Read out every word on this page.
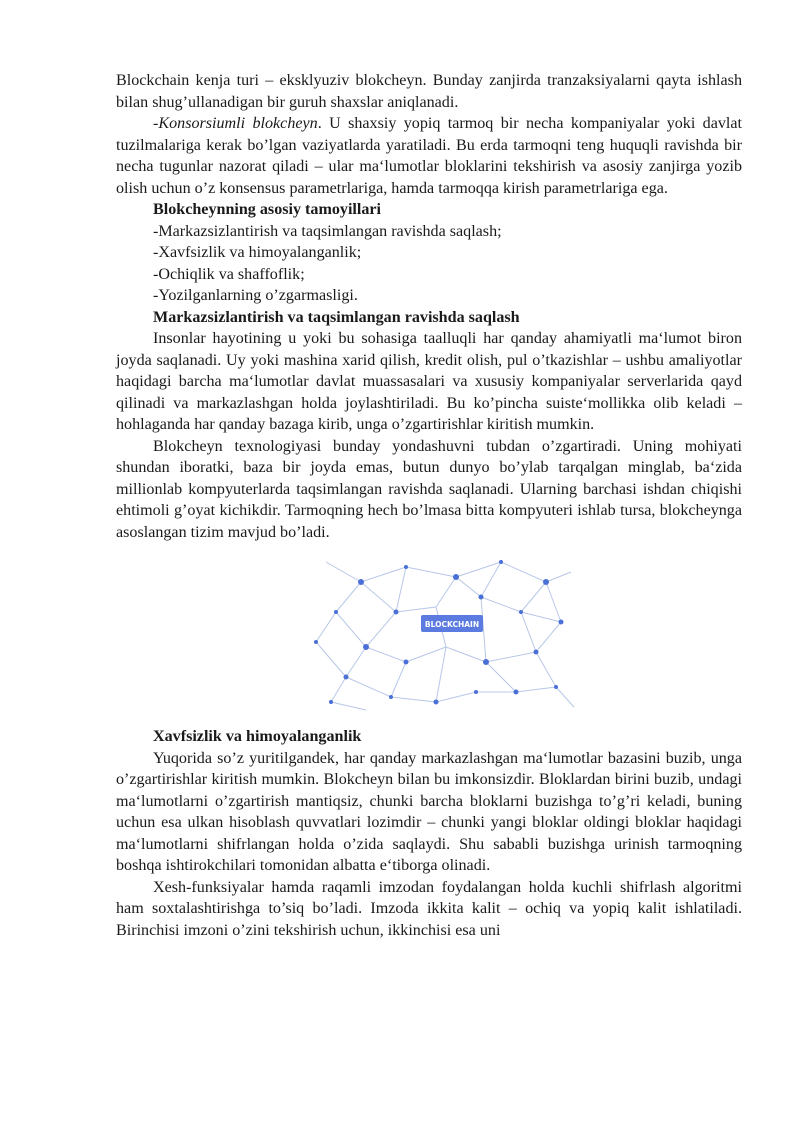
Blockchain kenja turi – eksklyuziv blokcheyn. Bunday zanjirda tranzaksiyalarni qayta ishlash bilan shug’ullanadigan bir guruh shaxslar aniqlanadi.

-Konsorsiumli blokcheyn. U shaxsiy yopiq tarmoq bir necha kompaniyalar yoki davlat tuzilmalariga kerak bo’lgan vaziyatlarda yaratiladi. Bu erda tarmoqni teng huquqli ravishda bir necha tugunlar nazorat qiladi – ular ma‘lumotlar bloklarini tekshirish va asosiy zanjirga yozib olish uchun o’z konsensus parametrlariga, hamda tarmoqqa kirish parametrlariga ega.

Blokcheynning asosiy tamoyillari

-Markazsizlantirish va taqsimlangan ravishda saqlash;

-Xavfsizlik va himoyalanganlik;

-Ochiqlik va shaffoflik;

-Yozilganlarning o’zgarmasligi.

Markazsizlantirish va taqsimlangan ravishda saqlash

Insonlar hayotining u yoki bu sohasiga taalluqli har qanday ahamiyatli ma‘lumot biron joyda saqlanadi. Uy yoki mashina xarid qilish, kredit olish, pul o’tkazishlar – ushbu amaliyotlar haqidagi barcha ma‘lumotlar davlat muassasalari va xususiy kompaniyalar serverlarida qayd qilinadi va markazlashgan holda joylashtiriladi. Bu ko’pincha suiste‘mollikka olib keladi – hohlaganda har qanday bazaga kirib, unga o’zgartirishlar kiritish mumkin.

Blokcheyn texnologiyasi bunday yondashuvni tubdan o’zgartiradi. Uning mohiyati shundan iboratki, baza bir joyda emas, butun dunyo bo’ylab tarqalgan minglab, ba‘zida millionlab kompyuterlarda taqsimlangan ravishda saqlanadi. Ularning barchasi ishdan chiqishi ehtimoli g’oyat kichikdir. Tarmoqning hech bo’lmasa bitta kompyuteri ishlab tursa, blokcheynga asoslangan tizim mavjud bo’ladi.

BLOCKCHAIN

Xavfsizlik va himoyalanganlik

Yuqorida so’z yuritilgandek, har qanday markazlashgan ma‘lumotlar bazasini buzib, unga o’zgartirishlar kiritish mumkin. Blokcheyn bilan bu imkonsizdir. Bloklardan birini buzib, undagi ma‘lumotlarni o’zgartirish mantiqsiz, chunki barcha bloklarni buzishga to’g’ri keladi, buning uchun esa ulkan hisoblash quvvatlari lozimdir – chunki yangi bloklar oldingi bloklar haqidagi ma‘lumotlarni shifrlangan holda o’zida saqlaydi. Shu sababli buzishga urinish tarmoqning boshqa ishtirokchilari tomonidan albatta e‘tiborga olinadi.

Xesh-funksiyalar hamda raqamli imzodan foydalangan holda kuchli shifrlash algoritmi ham soxtalashtirishga to’siq bo’ladi. Imzoda ikkita kalit – ochiq va yopiq kalit ishlatiladi. Birinchisi imzoni o’zini tekshirish uchun, ikkinchisi esa uni
